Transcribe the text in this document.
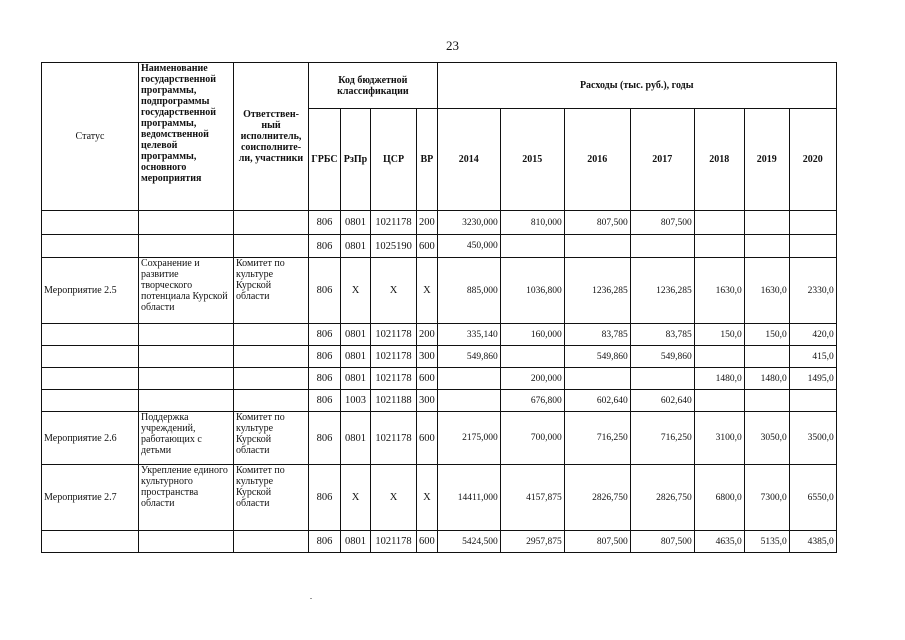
23
Статус	Наименование государственной программы, подпрограммы государственной программы, ведомственной целевой программы, основного мероприятия	Ответствен-ный исполнитель, соисполните-ли, участники	Код бюджетной классификации				Расходы (тыс. руб.), годы						
			ГРБС	РзПр	ЦСР	ВР	2014	2015	2016	2017	2018	2019	2020
			806	0801	1021178	200	3230,000	810,000	807,500	807,500			
			806	0801	1025190	600	450,000						
Мероприятие 2.5	Сохранение и развитие творческого потенциала Курской области	Комитет по культуре Курской области	806	Х	Х	Х	885,000	1036,800	1236,285	1236,285	1630,0	1630,0	2330,0
			806	0801	1021178	200	335,140	160,000	83,785	83,785	150,0	150,0	420,0
			806	0801	1021178	300	549,860		549,860	549,860			415,0
			806	0801	1021178	600		200,000			1480,0	1480,0	1495,0
			806	1003	1021188	300		676,800	602,640	602,640			
Мероприятие 2.6	Поддержка учреждений, работающих с детьми	Комитет по культуре Курской области	806	0801	1021178	600	2175,000	700,000	716,250	716,250	3100,0	3050,0	3500,0
Мероприятие 2.7	Укрепление единого культурного пространства области	Комитет по культуре Курской области	806	Х	Х	Х	14411,000	4157,875	2826,750	2826,750	6800,0	7300,0	6550,0
			806	0801	1021178	600	5424,500	2957,875	807,500	807,500	4635,0	5135,0	4385,0
